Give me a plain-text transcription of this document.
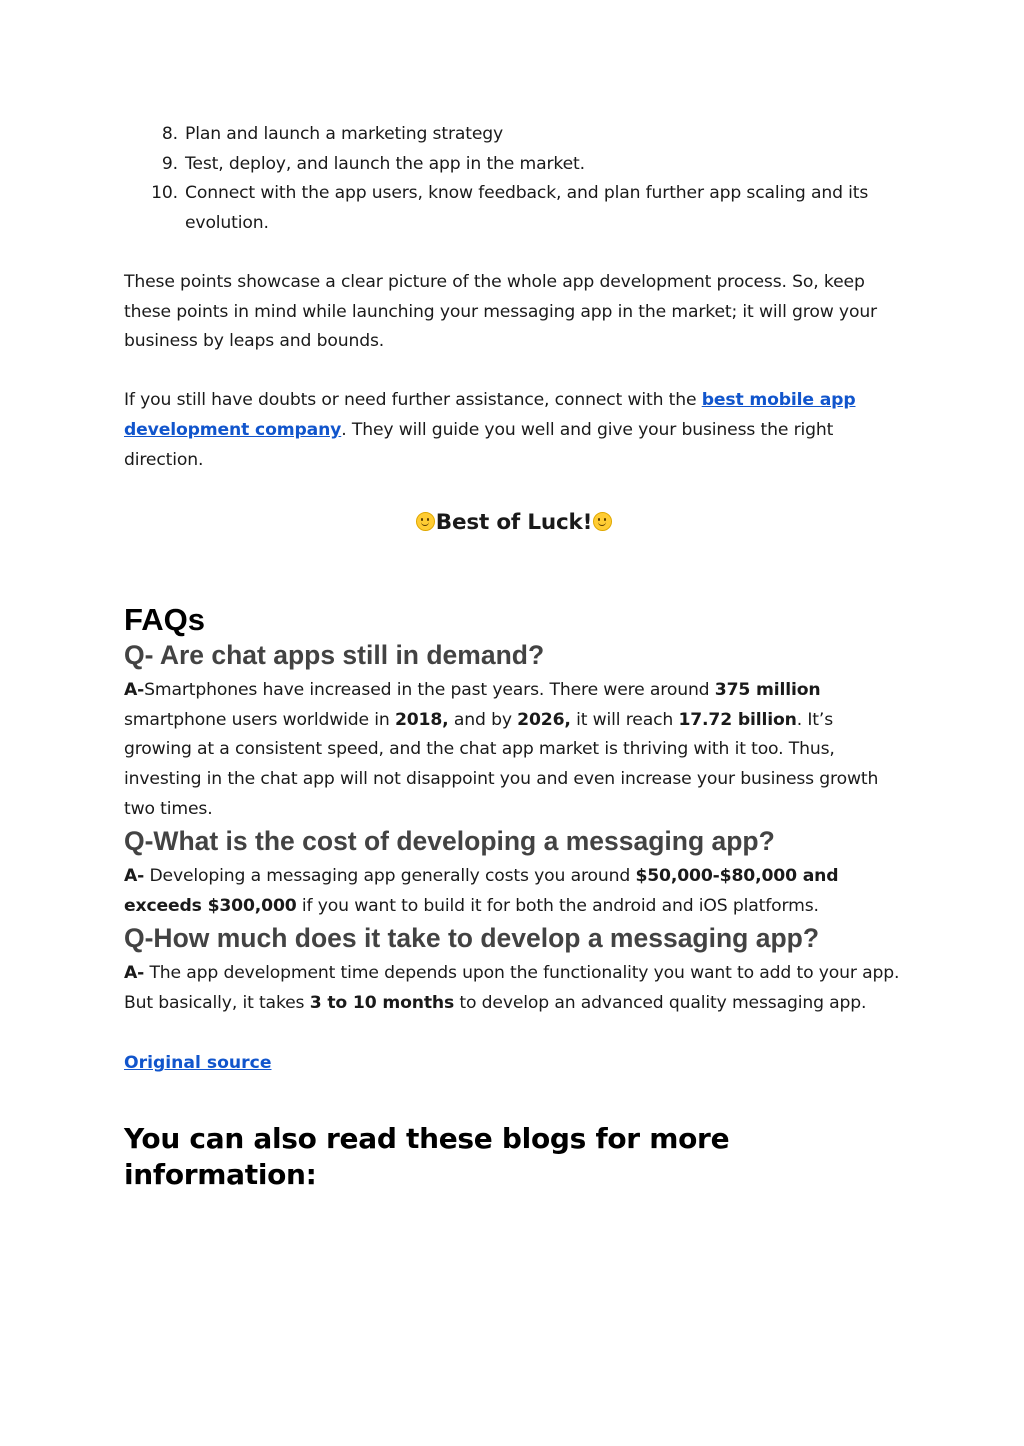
8. Plan and launch a marketing strategy
9. Test, deploy, and launch the app in the market.
10. Connect with the app users, know feedback, and plan further app scaling and its evolution.

These points showcase a clear picture of the whole app development process. So, keep these points in mind while launching your messaging app in the market; it will grow your business by leaps and bounds.

If you still have doubts or need further assistance, connect with the best mobile app development company. They will guide you well and give your business the right direction.

Best of Luck!
FAQs
Q- Are chat apps still in demand?

A-Smartphones have increased in the past years. There were around 375 million smartphone users worldwide in 2018, and by 2026, it will reach 17.72 billion. It’s growing at a consistent speed, and the chat app market is thriving with it too. Thus, investing in the chat app will not disappoint you and even increase your business growth two times.

Q-What is the cost of developing a messaging app?

A- Developing a messaging app generally costs you around $50,000-$80,000 and exceeds $300,000 if you want to build it for both the android and iOS platforms.

Q-How much does it take to develop a messaging app?

A- The app development time depends upon the functionality you want to add to your app. But basically, it takes 3 to 10 months to develop an advanced quality messaging app.

Original source

You can also read these blogs for more information:
